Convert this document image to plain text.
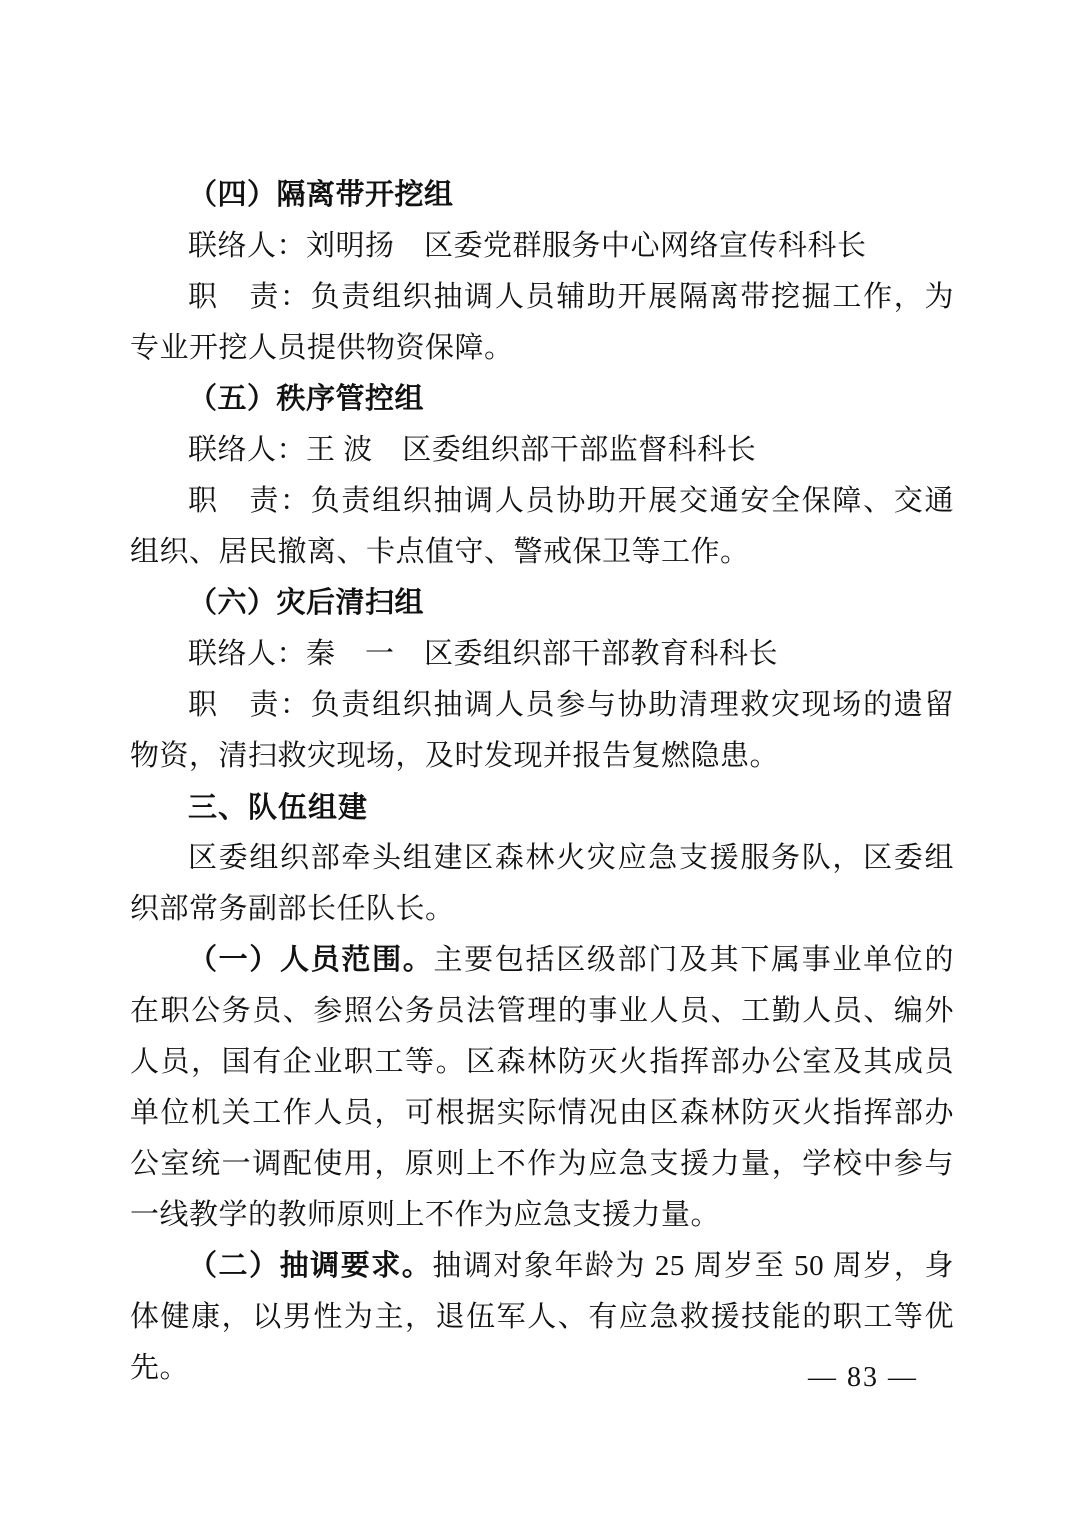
（四）隔离带开挖组

联络人：刘明扬　区委党群服务中心网络宣传科科长

职　责：负责组织抽调人员辅助开展隔离带挖掘工作，为专业开挖人员提供物资保障。

（五）秩序管控组

联络人：王 波　区委组织部干部监督科科长

职　责：负责组织抽调人员协助开展交通安全保障、交通组织、居民撤离、卡点值守、警戒保卫等工作。

（六）灾后清扫组

联络人：秦　一　区委组织部干部教育科科长

职　责：负责组织抽调人员参与协助清理救灾现场的遗留物资，清扫救灾现场，及时发现并报告复燃隐患。

三、队伍组建

区委组织部牵头组建区森林火灾应急支援服务队，区委组织部常务副部长任队长。

（一）人员范围。主要包括区级部门及其下属事业单位的在职公务员、参照公务员法管理的事业人员、工勤人员、编外人员，国有企业职工等。区森林防灭火指挥部办公室及其成员单位机关工作人员，可根据实际情况由区森林防灭火指挥部办公室统一调配使用，原则上不作为应急支援力量，学校中参与一线教学的教师原则上不作为应急支援力量。

（二）抽调要求。抽调对象年龄为 25 周岁至 50 周岁，身体健康，以男性为主，退伍军人、有应急救援技能的职工等优先。	— 83 —
